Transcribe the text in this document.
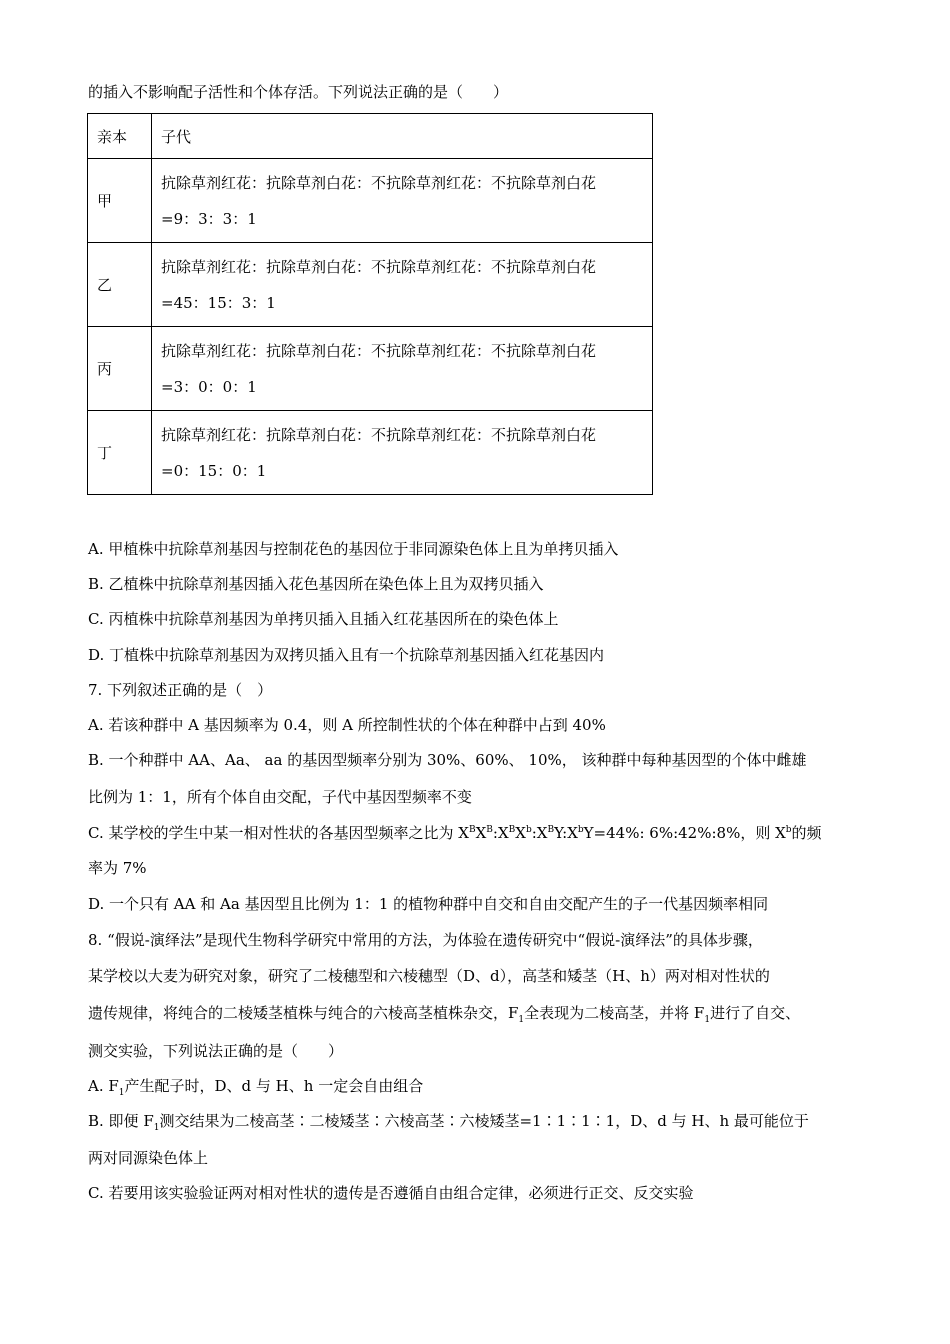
的插入不影响配子活性和个体存活。下列说法正确的是（　　）
亲本	子代
甲	抗除草剂红花：抗除草剂白花：不抗除草剂红花：不抗除草剂白花
=9：3：3：1

乙	抗除草剂红花：抗除草剂白花：不抗除草剂红花：不抗除草剂白花
=45：15：3：1

丙	抗除草剂红花：抗除草剂白花：不抗除草剂红花：不抗除草剂白花
=3：0：0：1

丁	抗除草剂红花：抗除草剂白花：不抗除草剂红花：不抗除草剂白花
=0：15：0：1
A. 甲植株中抗除草剂基因与控制花色的基因位于非同源染色体上且为单拷贝插入
B. 乙植株中抗除草剂基因插入花色基因所在染色体上且为双拷贝插入
C. 丙植株中抗除草剂基因为单拷贝插入且插入红花基因所在的染色体上
D. 丁植株中抗除草剂基因为双拷贝插入且有一个抗除草剂基因插入红花基因内
7. 下列叙述正确的是（　）
A. 若该种群中 A 基因频率为 0.4，则 A 所控制性状的个体在种群中占到 40%
B. 一个种群中 AA、Aa、 aa 的基因型频率分别为 30%、60%、 10%， 该种群中每种基因型的个体中雌雄
比例为 1：1，所有个体自由交配，子代中基因型频率不变
C. 某学校的学生中某一相对性状的各基因型频率之比为 $X^BX^B:X^BX^b:X^BY:X^bY=44\%$: 6%:42%:8%，则 $X^b$的频
率为 7%
D. 一个只有 AA 和 Aa 基因型且比例为 1：1 的植物种群中自交和自由交配产生的子一代基因频率相同
8. “假说-演绎法”是现代生物科学研究中常用的方法，为体验在遗传研究中“假说-演绎法”的具体步骤，
某学校以大麦为研究对象，研究了二棱穗型和六棱穗型（D、d），高茎和矮茎（H、h）两对相对性状的
遗传规律，将纯合的二棱矮茎植株与纯合的六棱高茎植株杂交，$F_1$全表现为二棱高茎，并将 $F_1$进行了自交、
测交实验，下列说法正确的是（　　）
A. $F_1$产生配子时，D、d 与 H、h 一定会自由组合
B. 即便 $F_1$测交结果为二棱高茎∶二棱矮茎∶六棱高茎∶六棱矮茎=1∶1∶1∶1，D、d 与 H、h 最可能位于
两对同源染色体上
C. 若要用该实验验证两对相对性状的遗传是否遵循自由组合定律，必须进行正交、反交实验
